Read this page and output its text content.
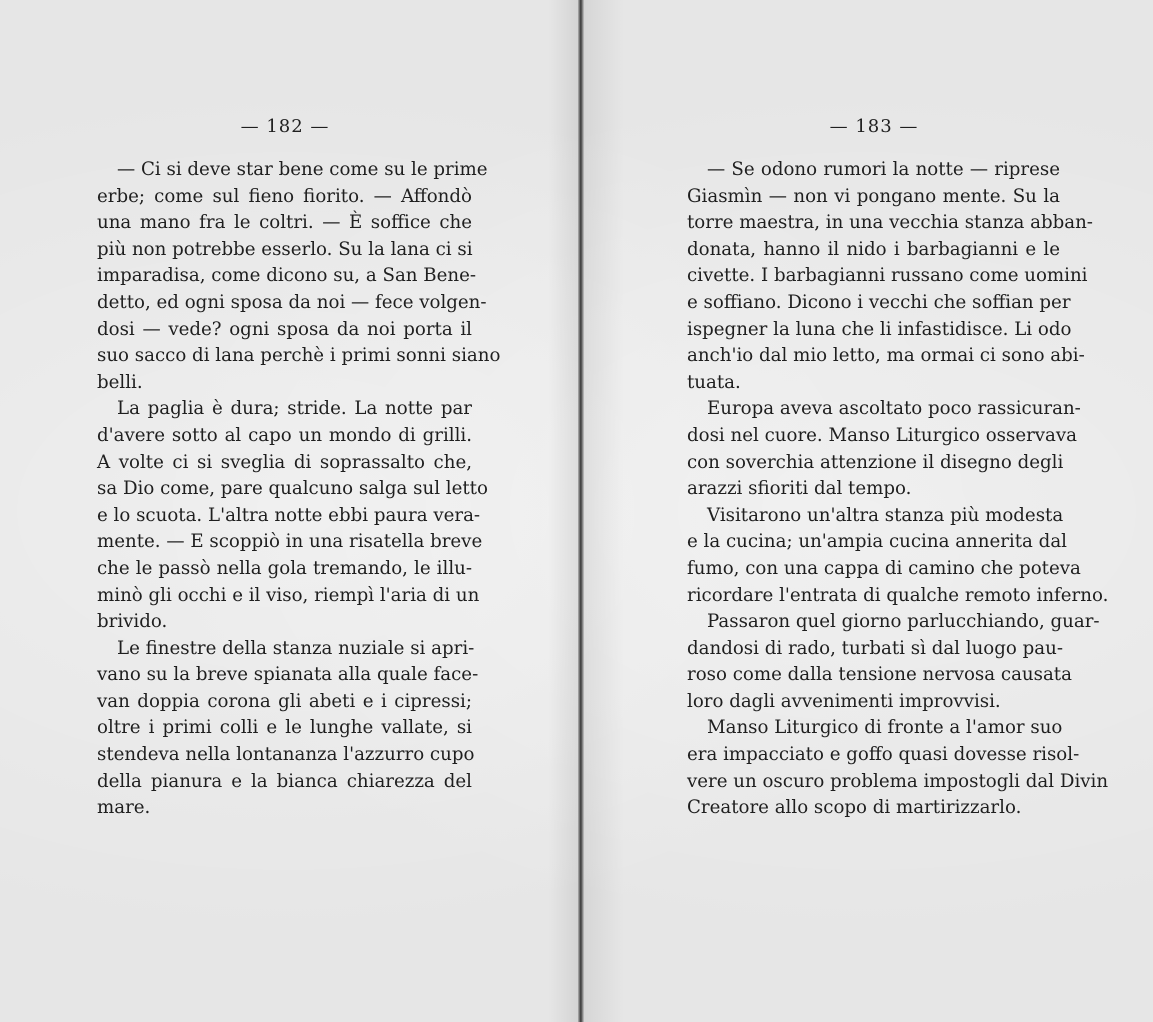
— 182 —
— Ci si deve star bene come su le prime
erbe; come sul fieno fiorito. — Affondò
una mano fra le coltri. — È soffice che
più non potrebbe esserlo. Su la lana ci si
imparadisa, come dicono su, a San Bene-
detto, ed ogni sposa da noi — fece volgen-
dosi — vede? ogni sposa da noi porta il
suo sacco di lana perchè i primi sonni siano
belli.
La paglia è dura; stride. La notte par
d'avere sotto al capo un mondo di grilli.
A volte ci si sveglia di soprassalto che,
sa Dio come, pare qualcuno salga sul letto
e lo scuota. L'altra notte ebbi paura vera-
mente. — E scoppiò in una risatella breve
che le passò nella gola tremando, le illu-
minò gli occhi e il viso, riempì l'aria di un
brivido.
Le finestre della stanza nuziale si apri-
vano su la breve spianata alla quale face-
van doppia corona gli abeti e i cipressi;
oltre i primi colli e le lunghe vallate, si
stendeva nella lontananza l'azzurro cupo
della pianura e la bianca chiarezza del
mare.
— 183 —
— Se odono rumori la notte — riprese
Giasmìn — non vi pongano mente. Su la
torre maestra, in una vecchia stanza abban-
donata, hanno il nido i barbagianni e le
civette. I barbagianni russano come uomini
e soffiano. Dicono i vecchi che soffian per
ispegner la luna che li infastidisce. Li odo
anch'io dal mio letto, ma ormai ci sono abi-
tuata.
Europa aveva ascoltato poco rassicuran-
dosi nel cuore. Manso Liturgico osservava
con soverchia attenzione il disegno degli
arazzi sfioriti dal tempo.
Visitarono un'altra stanza più modesta
e la cucina; un'ampia cucina annerita dal
fumo, con una cappa di camino che poteva
ricordare l'entrata di qualche remoto inferno.
Passaron quel giorno parlucchiando, guar-
dandosi di rado, turbati sì dal luogo pau-
roso come dalla tensione nervosa causata
loro dagli avvenimenti improvvisi.
Manso Liturgico di fronte a l'amor suo
era impacciato e goffo quasi dovesse risol-
vere un oscuro problema impostogli dal Divin
Creatore allo scopo di martirizzarlo.
